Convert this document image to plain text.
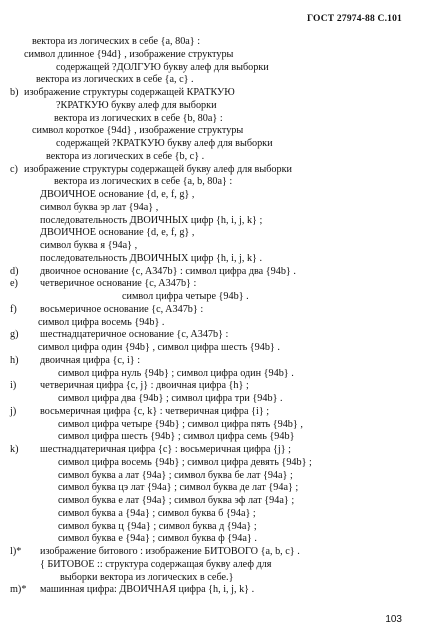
ГОСТ 27974-88 С.101
вектора из логических в себе {a, 80a} :
символ длинное {94d} , изображение структуры
содержащей ?ДОЛГУЮ букву алеф для выборки
вектора из логических в себе {a, c} .
b) изображение структуры содержащей КРАТКУЮ
?КРАТКУЮ букву алеф для выборки
вектора из логических в себе {b, 80a} :
символ короткое {94d} , изображение структуры
содержащей ?КРАТКУЮ букву алеф для выборки
вектора из логических в себе {b, c} .
c) изображение структуры содержащей букву алеф для выборки
вектора из логических в себе {a, b, 80a} :
ДВОИЧНОЕ основание {d, e, f, g} ,
символ буква эр лат {94a} ,
последовательность ДВОИЧНЫХ цифр {h, i, j, k} ;
ДВОИЧНОЕ основание {d, e, f, g} ,
символ буква я {94a} ,
последовательность ДВОИЧНЫХ цифр {h, i, j, k} .
d)	двоичное основание {c, A347b} : символ цифра два {94b} .
e)	четверичное основание {c, A347b} :
символ цифра четыре {94b} .
f)	восьмеричное основание {c, A347b} :
символ цифра восемь {94b} .
g)	шестнадцатеричное основание {c, A347b} :
символ цифра один {94b} , символ цифра шесть {94b} .
h)	двоичная цифра {c, i} :
символ цифра нуль {94b} ; символ цифра один {94b} .
i)	четверичная цифра {c, j} : двоичная цифра {h} ;
символ цифра два {94b} ; символ цифра три {94b} .
j)	восьмеричная цифра {c, k} : четверичная цифра {i} ;
символ цифра четыре {94b} ; символ цифра пять {94b} ,
символ цифра шесть {94b} ; символ цифра семь {94b}
k)	шестнадцатеричная цифра {c} : восьмеричная цифра {j} ;
символ цифра восемь {94b} ; символ цифра девять {94b} ;
символ буква а лат {94a} ; символ буква бе лат {94a} ;
символ буква цэ лат {94a} ; символ буква де лат {94a} ;
символ буква е лат {94a} ; символ буква эф лат {94a} ;
символ буква а {94a} ; символ буква б {94a} ;
символ буква ц {94a} ; символ буква д {94a} ;
символ буква е {94a} ; символ буква ф {94a} .
l)* изображение битового : изображение БИТОВОГО {a, b, c} .
{ БИТОВОЕ :: структура содержащая букву алеф для
выборки вектора из логических в себе.}
m)* машинная цифра: ДВОИЧНАЯ цифра {h, i, j, k} .
103
